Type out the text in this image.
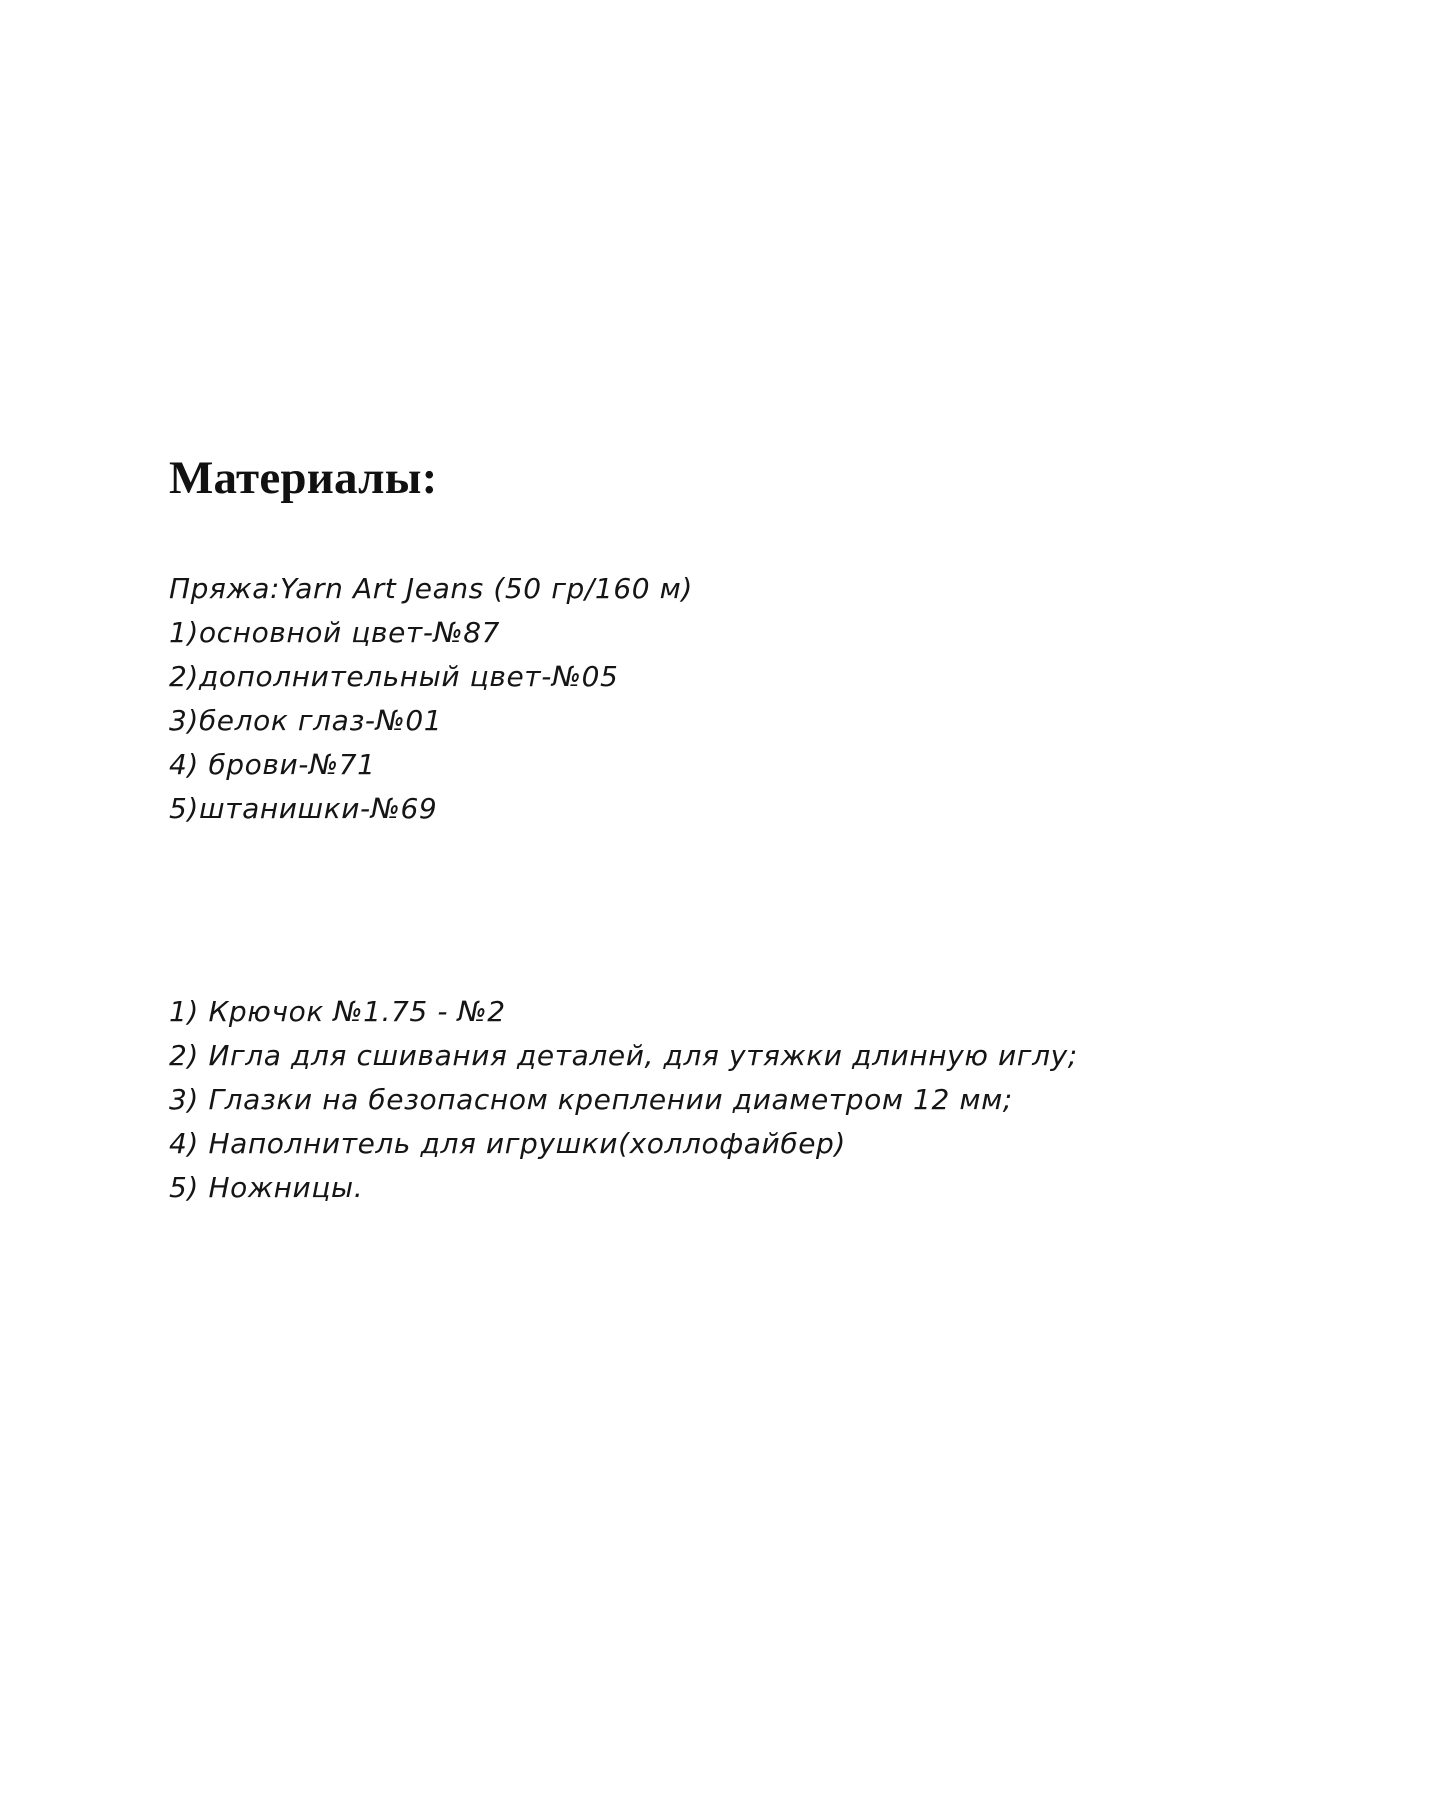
Материалы:
Пряжа:Yarn Art Jeans (50 гр/160 м)
1)основной цвет-№87
2)дополнительный цвет-№05
3)белок глаз-№01
4) брови-№71
5)штанишки-№69
1) Крючок №1.75 - №2
2) Игла для сшивания деталей, для утяжки длинную иглу;
3) Глазки на безопасном креплении диаметром 12 мм;
4) Наполнитель для игрушки(холлофайбер)
5) Ножницы.
